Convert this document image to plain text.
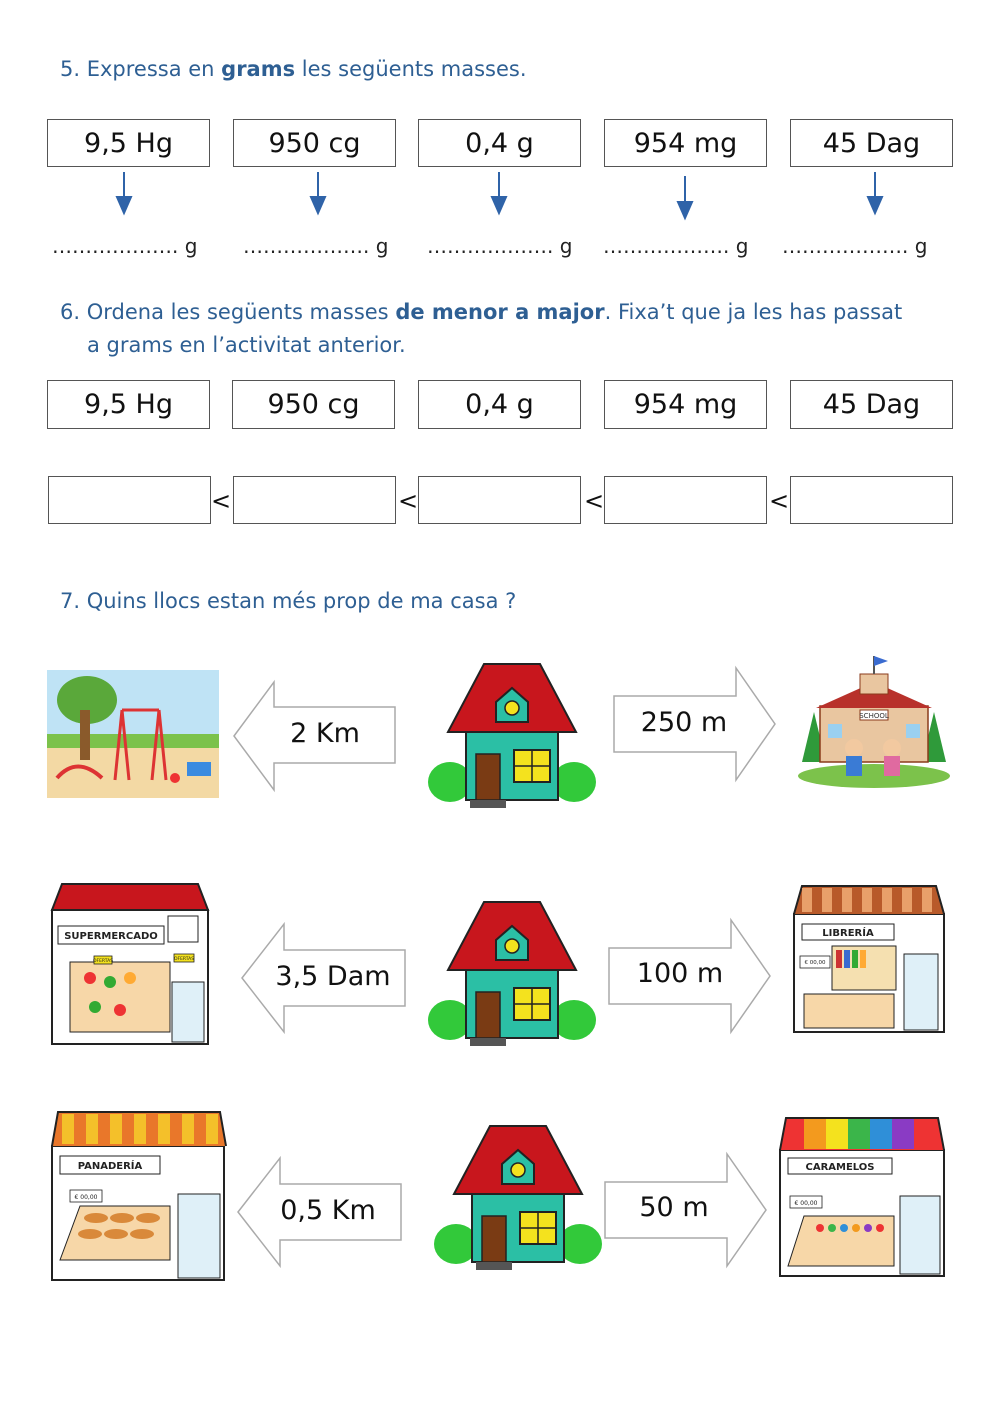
5. Expressa en grams les següents masses.
9,5 Hg	950 cg	0,4 g	954 mg	45 Dag
………………. g ………………. g ………………. g ………………. g ………………. g
6. Ordena les següents masses de menor a major. Fixa’t que ja les has passat
a grams en l’activitat anterior.
9,5 Hg	950 cg	0,4 g	954 mg	45 Dag
<	<	<	<
7. Quins llocs estan més prop de ma casa ?
2 Km	250 m	SCHOOL
SUPERMERCADO
OFERTAS	OFERTAS
3,5 Dam	100 m
LIBRERÍA
€ 00,00
PANADERÍA
€ 00,00	0,5 Km	50 m
CARAMELOS
€ 00,00
